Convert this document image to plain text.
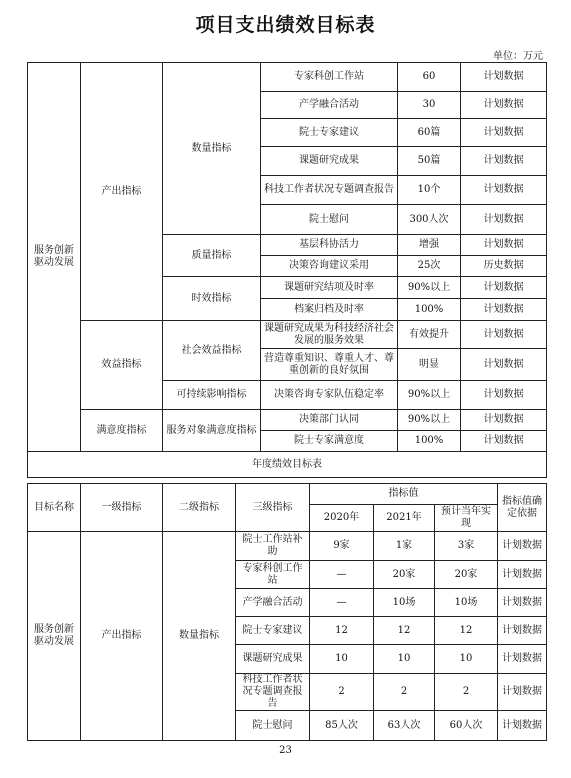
项目支出绩效目标表
单位：万元
服务创新驱动发展	产出指标	数量指标	专家科创工作站	60	计划数据
			产学融合活动	30	计划数据
			院士专家建议	60篇	计划数据
			课题研究成果	50篇	计划数据
			科技工作者状况专题调查报告	10个	计划数据
			院士慰问	300人次	计划数据
		质量指标	基层科协活力	增强	计划数据
			决策咨询建议采用	25次	历史数据
		时效指标	课题研究结项及时率	90%以上	计划数据
			档案归档及时率	100%	计划数据
	效益指标	社会效益指标	课题研究成果为科技经济社会发展的服务效果	有效提升	计划数据
			营造尊重知识、尊重人才、尊重创新的良好氛围	明显	计划数据
		可持续影响指标	决策咨询专家队伍稳定率	90%以上	计划数据
	满意度指标	服务对象满意度指标	决策部门认同	90%以上	计划数据
			院士专家满意度	100%	计划数据
年度绩效目标表					
目标名称	一级指标	二级指标	三级指标	指标值			指标值确定依据
				2020年	2021年	预计当年实现	
服务创新驱动发展	产出指标	数量指标	院士工作站补助	9家	1家	3家	计划数据
			专家科创工作站	—	20家	20家	计划数据
			产学融合活动	—	10场	10场	计划数据
			院士专家建议	12	12	12	计划数据
			课题研究成果	10	10	10	计划数据
			科技工作者状况专题调查报告	2	2	2	计划数据
			院士慰问	85人次	63人次	60人次	计划数据
23
